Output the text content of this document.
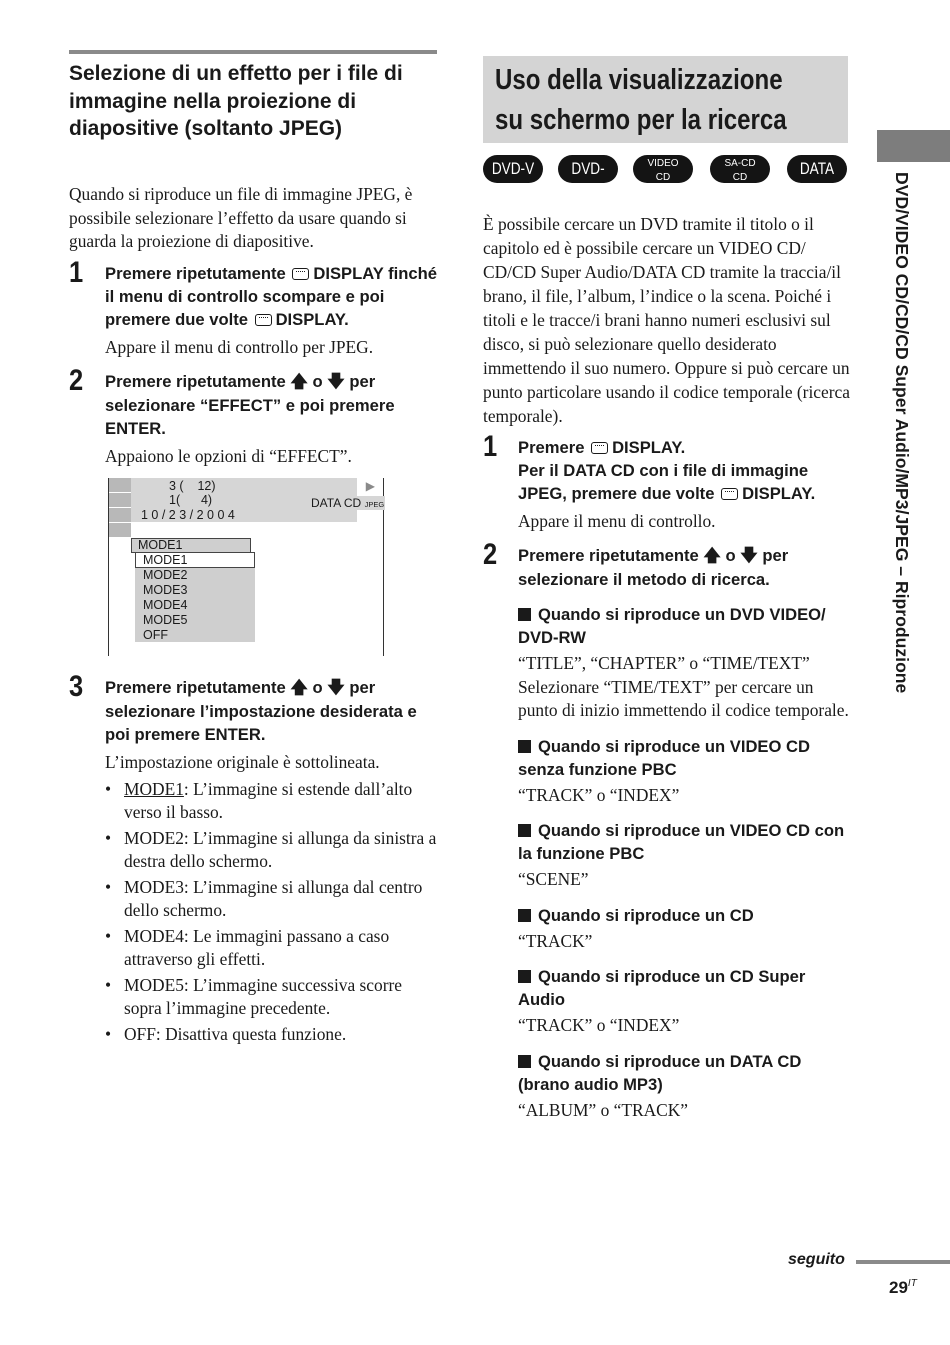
Selezione di un effetto per i file di immagine nella proiezione di diapositive (soltanto JPEG)

Quando si riproduce un file di immagine JPEG, è possibile selezionare l’effetto da usare quando si guarda la proiezione di diapositive.

1 Premere ripetutamente DISPLAY finché il menu di controllo scompare e poi premere due volte DISPLAY.
Appare il menu di controllo per JPEG.
2 Premere ripetutamente 🡅 o 🡇 per selezionare “EFFECT” e poi premere ENTER.
Appaiono le opzioni di “EFFECT”.
3 (    12)
1(      4)
1 0 / 2 3 / 2 0 0 4
▶
DATA CD JPEG
MODE1
MODE1
MODE2
MODE3
MODE4
MODE5
OFF
3 Premere ripetutamente 🡅 o 🡇 per selezionare l’impostazione desiderata e poi premere ENTER.
L’impostazione originale è sottolineata.
• MODE1: L’immagine si estende dall’alto verso il basso.
• MODE2: L’immagine si allunga da sinistra a destra dello schermo.
• MODE3: L’immagine si allunga dal centro dello schermo.
• MODE4: Le immagini passano a caso attraverso gli effetti.
• MODE5: L’immagine successiva scorre sopra l’immagine precedente.
• OFF: Disattiva questa funzione.
Uso della visualizzazione
su schermo per la ricerca
DVD-V	DVD-RW
VIDEO
CD
SA-CD
CD	DATA CD

È possibile cercare un DVD tramite il titolo o il capitolo ed è possibile cercare un VIDEO CD/ CD/CD Super Audio/DATA CD tramite la traccia/il brano, il file, l’album, l’indice o la scena. Poiché i titoli e le tracce/i brani hanno numeri esclusivi sul disco, si può selezionare quello desiderato immettendo il suo numero. Oppure si può cercare un punto particolare usando il codice temporale (ricerca temporale).

1 Premere DISPLAY.
Per il DATA CD con i file di immagine JPEG, premere due volte DISPLAY.
Appare il menu di controllo.
2 Premere ripetutamente 🡅 o 🡇 per selezionare il metodo di ricerca.
Quando si riproduce un DVD VIDEO/ DVD-RW
“TITLE”, “CHAPTER” o “TIME/TEXT”
Selezionare “TIME/TEXT” per cercare un punto di inizio immettendo il codice temporale.
Quando si riproduce un VIDEO CD senza funzione PBC
“TRACK” o “INDEX”
Quando si riproduce un VIDEO CD con la funzione PBC
“SCENE”
Quando si riproduce un CD
“TRACK”
Quando si riproduce un CD Super Audio
“TRACK” o “INDEX”
Quando si riproduce un DATA CD (brano audio MP3)
“ALBUM” o “TRACK”
DVD/VIDEO CD/CD/CD Super Audio/MP3/JPEG – Riproduzione
seguito
$29^{IT}$
